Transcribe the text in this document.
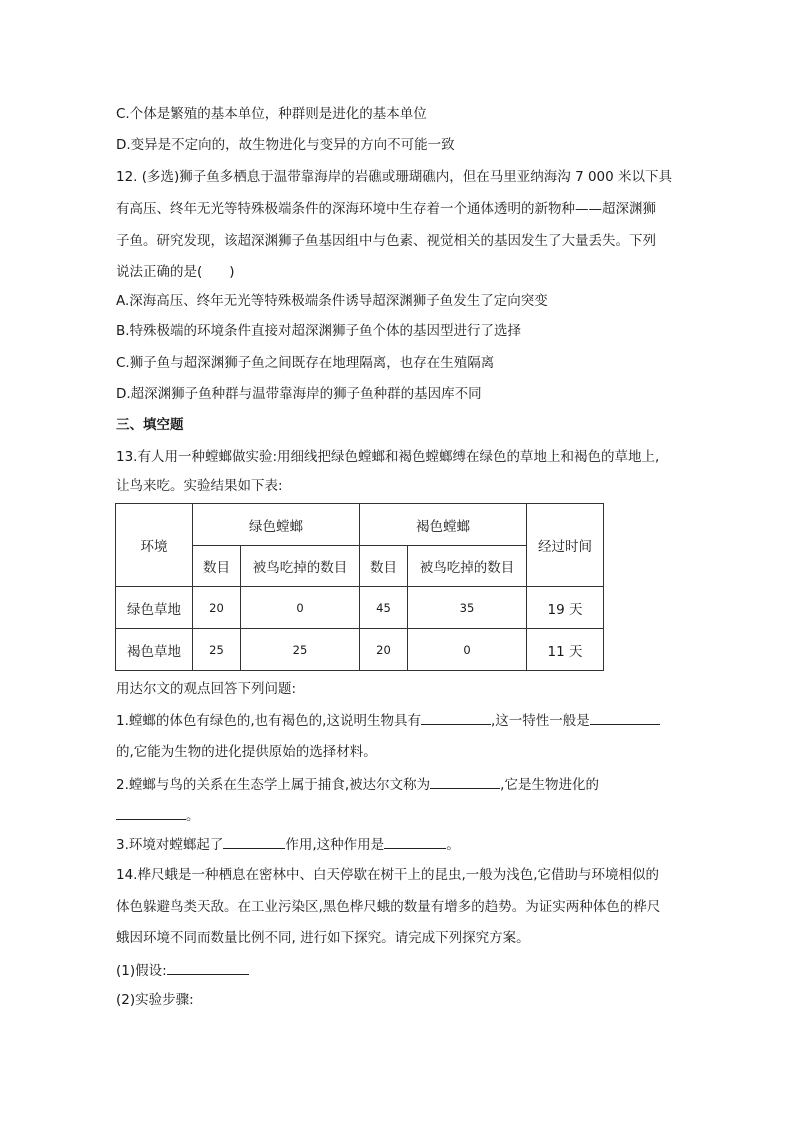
C.个体是繁殖的基本单位，种群则是进化的基本单位
D.变异是不定向的，故生物进化与变异的方向不可能一致
12. (多选)狮子鱼多栖息于温带靠海岸的岩礁或珊瑚礁内，但在马里亚纳海沟 7 000 米以下具
有高压、终年无光等特殊极端条件的深海环境中生存着一个通体透明的新物种——超深渊狮
子鱼。研究发现，该超深渊狮子鱼基因组中与色素、视觉相关的基因发生了大量丢失。下列
说法正确的是(　　)
A.深海高压、终年无光等特殊极端条件诱导超深渊狮子鱼发生了定向突变
B.特殊极端的环境条件直接对超深渊狮子鱼个体的基因型进行了选择
C.狮子鱼与超深渊狮子鱼之间既存在地理隔离，也存在生殖隔离
D.超深渊狮子鱼种群与温带靠海岸的狮子鱼种群的基因库不同
三、填空题
13.有人用一种螳螂做实验:用细线把绿色螳螂和褐色螳螂缚在绿色的草地上和褐色的草地上,
让鸟来吃。实验结果如下表:
环境	绿色螳螂		褐色螳螂		经过时间
	数目	被鸟吃掉的数目	数目	被鸟吃掉的数目	
绿色草地	20	0	45	35	19 天
褐色草地	25	25	20	0	11 天
用达尔文的观点回答下列问题:
1.螳螂的体色有绿色的,也有褐色的,这说明生物具有	,这一特性一般是
的,它能为生物的进化提供原始的选择材料。
2.螳螂与鸟的关系在生态学上属于捕食,被达尔文称为	,它是生物进化的
。
3.环境对螳螂起了	作用,这种作用是	。
14.桦尺蛾是一种栖息在密林中、白天停歇在树干上的昆虫,一般为浅色,它借助与环境相似的
体色躲避鸟类天敌。在工业污染区,黑色桦尺蛾的数量有增多的趋势。为证实两种体色的桦尺
蛾因环境不同而数量比例不同, 进行如下探究。请完成下列探究方案。
(1)假设:
(2)实验步骤:
